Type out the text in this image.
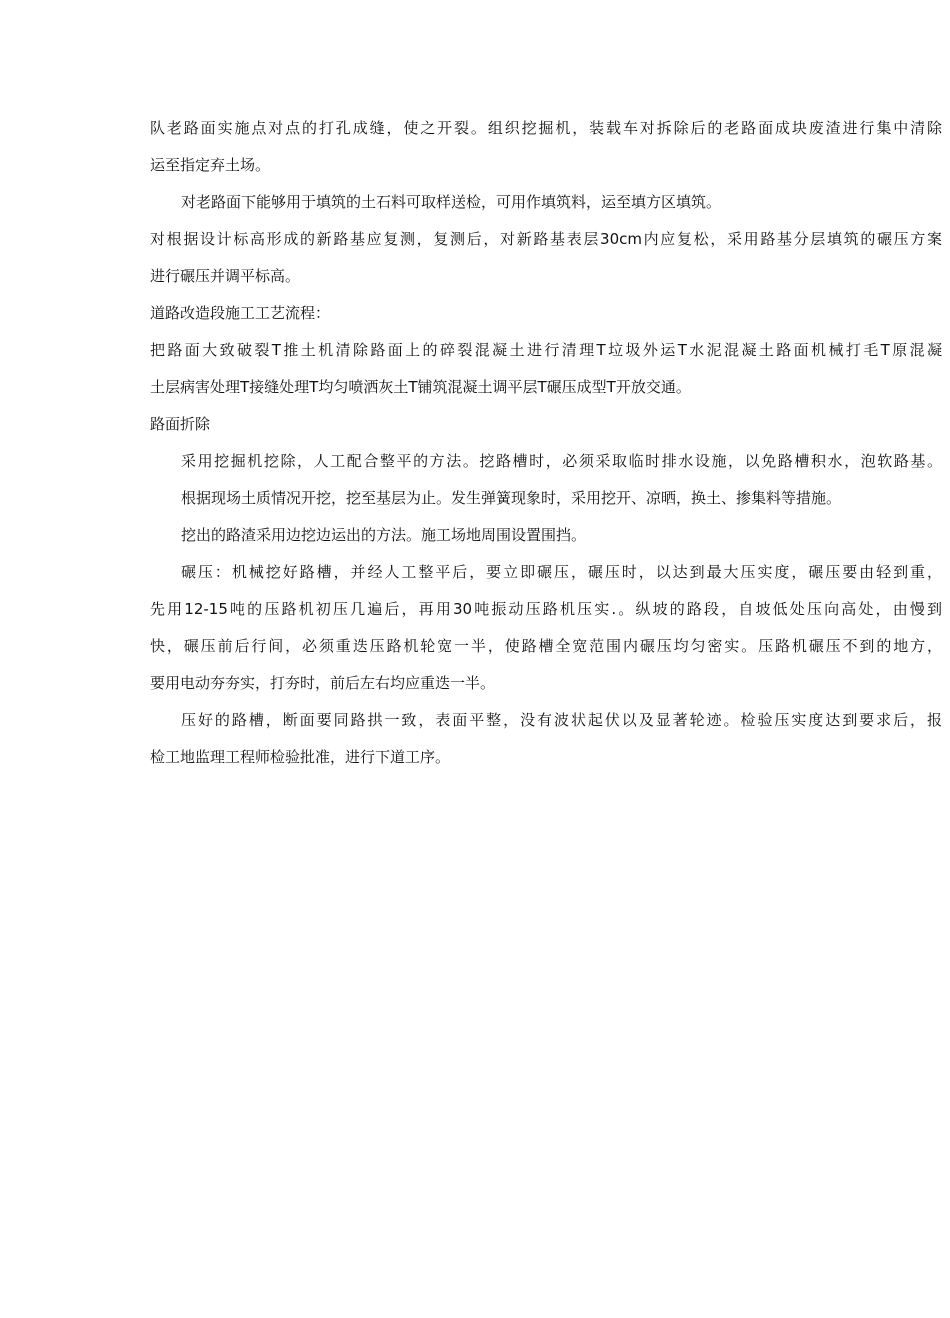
队老路面实施点对点的打孔成缝，使之开裂。组织挖掘机，装载车对拆除后的老路面成块废渣进行集中清除
运至指定弃土场。
对老路面下能够用于填筑的土石料可取样送检，可用作填筑料，运至填方区填筑。
对根据设计标高形成的新路基应复测，复测后，对新路基表层30cm内应复松，采用路基分层填筑的碾压方案
进行碾压并调平标高。
道路改造段施工工艺流程：
把路面大致破裂T推土机清除路面上的碎裂混凝土进行清理T垃圾外运T水泥混凝土路面机械打毛T原混凝
土层病害处理T接缝处理T均匀喷洒灰土T铺筑混凝土调平层T碾压成型T开放交通。
路面折除
采用挖掘机挖除，人工配合整平的方法。挖路槽时，必须采取临时排水设施，以免路槽积水，泡软路基。
根据现场土质情况开挖，挖至基层为止。发生弹簧现象时，采用挖开、凉晒，换土、掺集料等措施。
挖出的路渣采用边挖边运出的方法。施工场地周围设置围挡。
碾压：机械挖好路槽，并经人工整平后，要立即碾压，碾压时，以达到最大压实度，碾压要由轻到重，
先用12-15吨的压路机初压几遍后，再用30吨振动压路机压实.。纵坡的路段，自坡低处压向高处，由慢到
快，碾压前后行间，必须重迭压路机轮宽一半，使路槽全宽范围内碾压均匀密实。压路机碾压不到的地方，
要用电动夯夯实，打夯时，前后左右均应重迭一半。
压好的路槽，断面要同路拱一致，表面平整，没有波状起伏以及显著轮迹。检验压实度达到要求后，报
检工地监理工程师检验批准，进行下道工序。
